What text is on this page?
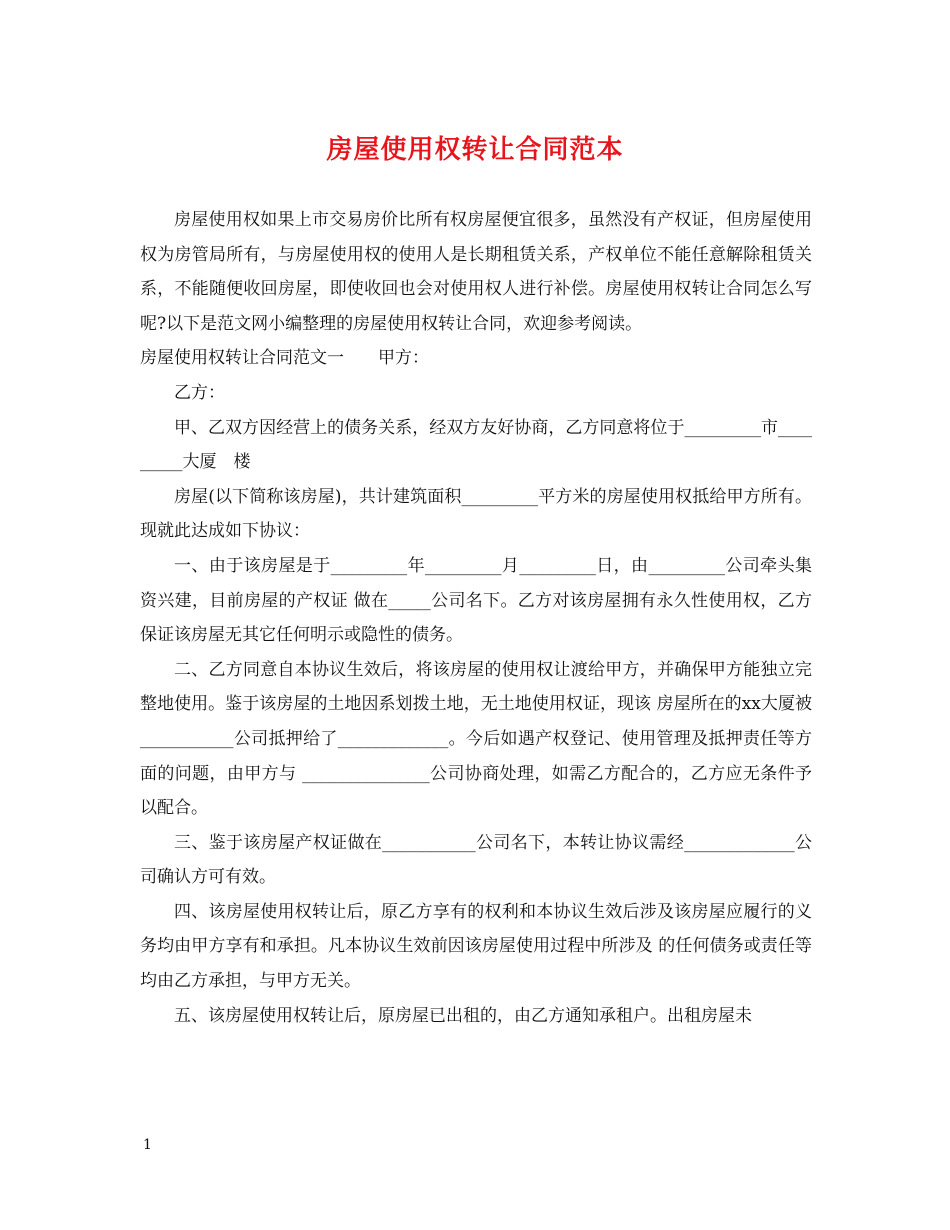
房屋使用权转让合同范本

房屋使用权如果上市交易房价比所有权房屋便宜很多，虽然没有产权证，但房屋使用权为房管局所有，与房屋使用权的使用人是长期租赁关系，产权单位不能任意解除租赁关系，不能随便收回房屋，即使收回也会对使用权人进行补偿。房屋使用权转让合同怎么写呢?以下是范文网小编整理的房屋使用权转让合同，欢迎参考阅读。

房屋使用权转让合同范文一　　甲方：

乙方：

甲、乙双方因经营上的债务关系，经双方友好协商，乙方同意将位于_________市_________大厦　楼

房屋(以下简称该房屋)，共计建筑面积_________平方米的房屋使用权抵给甲方所有。现就此达成如下协议：

一、由于该房屋是于_________年_________月_________日，由_________公司牵头集资兴建，目前房屋的产权证 做在_____公司名下。乙方对该房屋拥有永久性使用权，乙方保证该房屋无其它任何明示或隐性的债务。

二、乙方同意自本协议生效后，将该房屋的使用权让渡给甲方，并确保甲方能独立完整地使用。鉴于该房屋的土地因系划拨土地，无土地使用权证，现该 房屋所在的xx大厦被___________公司抵押给了_____________。今后如遇产权登记、使用管理及抵押责任等方面的问题，由甲方与 _______________公司协商处理，如需乙方配合的，乙方应无条件予以配合。

三、鉴于该房屋产权证做在___________公司名下，本转让协议需经_____________公司确认方可有效。

四、该房屋使用权转让后，原乙方享有的权利和本协议生效后涉及该房屋应履行的义务均由甲方享有和承担。凡本协议生效前因该房屋使用过程中所涉及 的任何债务或责任等均由乙方承担，与甲方无关。

五、该房屋使用权转让后，原房屋已出租的，由乙方通知承租户。出租房屋未

1
